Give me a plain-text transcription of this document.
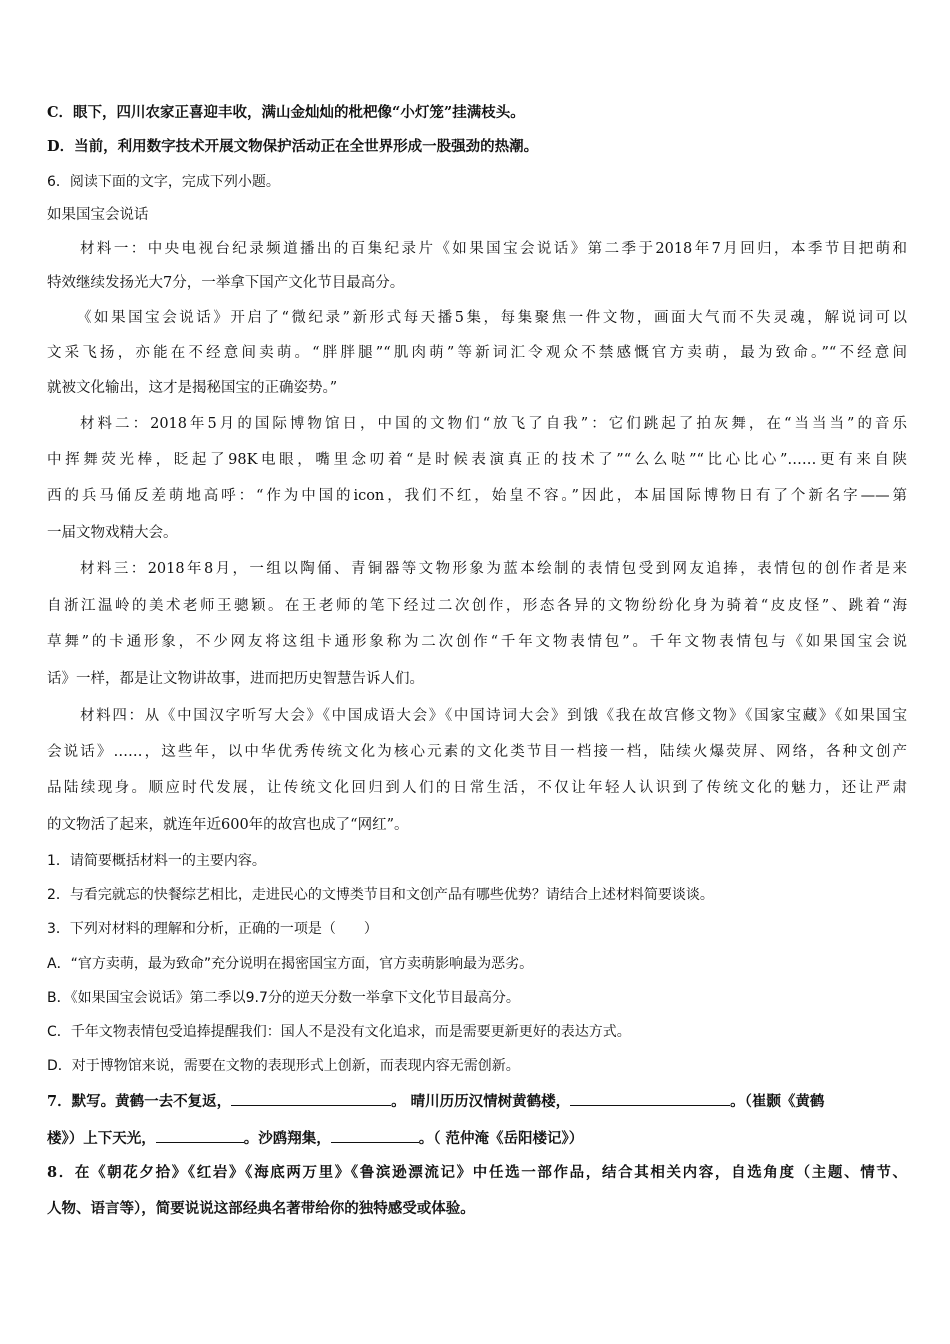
C．眼下，四川农家正喜迎丰收，满山金灿灿的枇杷像“小灯笼”挂满枝头。
D．当前，利用数字技术开展文物保护活动正在全世界形成一股强劲的热潮。
6．阅读下面的文字，完成下列小题。
如果国宝会说话
材料一：中央电视台纪录频道播出的百集纪录片《如果国宝会说话》第二季于2018年7月回归，本季节目把萌和
特效继续发扬光大7分，一举拿下国产文化节目最高分。
《如果国宝会说话》开启了“微纪录”新形式每天播5集，每集聚焦一件文物，画面大气而不失灵魂，解说词可以
文采飞扬，亦能在不经意间卖萌。“胖胖腿”“肌肉萌”等新词汇令观众不禁感慨官方卖萌，最为致命。”“不经意间
就被文化输出，这才是揭秘国宝的正确姿势。”
材料二：2018年5月的国际博物馆日，中国的文物们“放飞了自我”：它们跳起了拍灰舞，在“当当当”的音乐
中挥舞荧光棒，眨起了98K电眼，嘴里念叨着“是时候表演真正的技术了”“么么哒”“比心比心”……更有来自陕
西的兵马俑反差萌地高呼：“作为中国的icon，我们不红，始皇不容。”因此，本届国际博物日有了个新名字——第
一届文物戏精大会。
材料三：2018年8月，一组以陶俑、青铜器等文物形象为蓝本绘制的表情包受到网友追捧，表情包的创作者是来
自浙江温岭的美术老师王骢颖。在王老师的笔下经过二次创作，形态各异的文物纷纷化身为骑着“皮皮怪”、跳着“海
草舞”的卡通形象，不少网友将这组卡通形象称为二次创作“千年文物表情包”。千年文物表情包与《如果国宝会说
话》一样，都是让文物讲故事，进而把历史智慧告诉人们。
材料四：从《中国汉字听写大会》《中国成语大会》《中国诗词大会》到饿《我在故宫修文物》《国家宝藏》《如果国宝
会说话》……，这些年，以中华优秀传统文化为核心元素的文化类节目一档接一档，陆续火爆荧屏、网络，各种文创产
品陆续现身。顺应时代发展，让传统文化回归到人们的日常生活，不仅让年轻人认识到了传统文化的魅力，还让严肃
的文物活了起来，就连年近600年的故宫也成了“网红”。
1．请简要概括材料一的主要内容。
2．与看完就忘的快餐综艺相比，走进民心的文博类节目和文创产品有哪些优势？请结合上述材料简要谈谈。
3．下列对材料的理解和分析，正确的一项是（　　）
A．“官方卖萌，最为致命”充分说明在揭密国宝方面，官方卖萌影响最为恶劣。
B．《如果国宝会说话》第二季以9.7分的逆天分数一举拿下文化节目最高分。
C．千年文物表情包受追捧提醒我们：国人不是没有文化追求，而是需要更新更好的表达方式。
D．对于博物馆来说，需要在文物的表现形式上创新，而表现内容无需创新。
7．默写。黄鹤一去不复返，	。 晴川历历汉情树黄鹤楼，	。（崔颢《黄鹤
楼》）上下天光，	。沙鸥翔集，	。（ 范仲淹《岳阳楼记》）
8．在《朝花夕拾》《红岩》《海底两万里》《鲁滨逊漂流记》中任选一部作品，结合其相关内容，自选角度（主题、情节、
人物、语言等），简要说说这部经典名著带给你的独特感受或体验。
